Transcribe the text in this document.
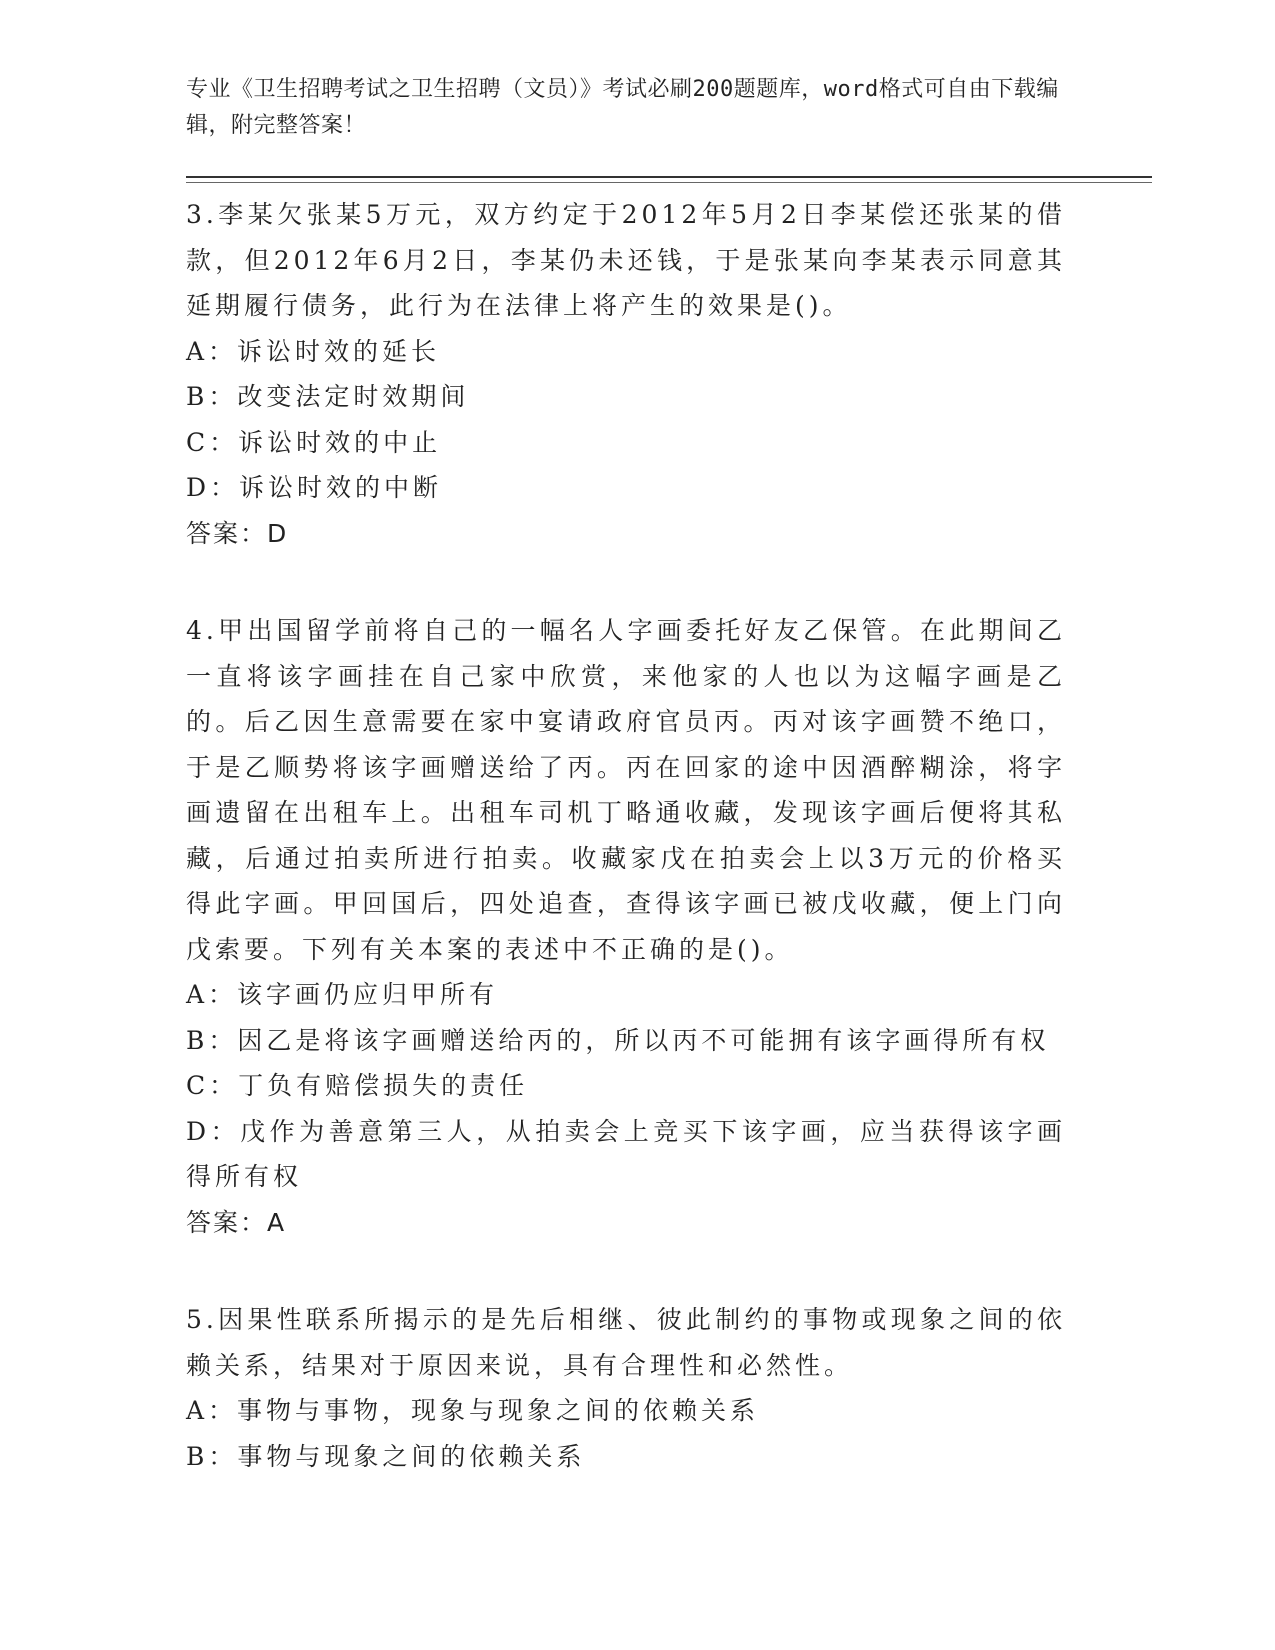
专业《卫生招聘考试之卫生招聘（文员）》考试必刷200题题库，word格式可自由下载编辑，附完整答案！

3.李某欠张某5万元，双方约定于2012年5月2日李某偿还张某的借款，但2012年6月2日，李某仍未还钱，于是张某向李某表示同意其延期履行债务，此行为在法律上将产生的效果是()。

A：诉讼时效的延长

B：改变法定时效期间

C：诉讼时效的中止

D：诉讼时效的中断

答案：D

4.甲出国留学前将自己的一幅名人字画委托好友乙保管。在此期间乙一直将该字画挂在自己家中欣赏，来他家的人也以为这幅字画是乙的。后乙因生意需要在家中宴请政府官员丙。丙对该字画赞不绝口，于是乙顺势将该字画赠送给了丙。丙在回家的途中因酒醉糊涂，将字画遗留在出租车上。出租车司机丁略通收藏，发现该字画后便将其私藏，后通过拍卖所进行拍卖。收藏家戊在拍卖会上以3万元的价格买得此字画。甲回国后，四处追查，查得该字画已被戊收藏，便上门向戊索要。下列有关本案的表述中不正确的是()。

A：该字画仍应归甲所有

B：因乙是将该字画赠送给丙的，所以丙不可能拥有该字画得所有权

C：丁负有赔偿损失的责任

D：戊作为善意第三人，从拍卖会上竞买下该字画，应当获得该字画得所有权

答案：A

5.因果性联系所揭示的是先后相继、彼此制约的事物或现象之间的依赖关系，结果对于原因来说，具有合理性和必然性。

A：事物与事物，现象与现象之间的依赖关系

B：事物与现象之间的依赖关系
